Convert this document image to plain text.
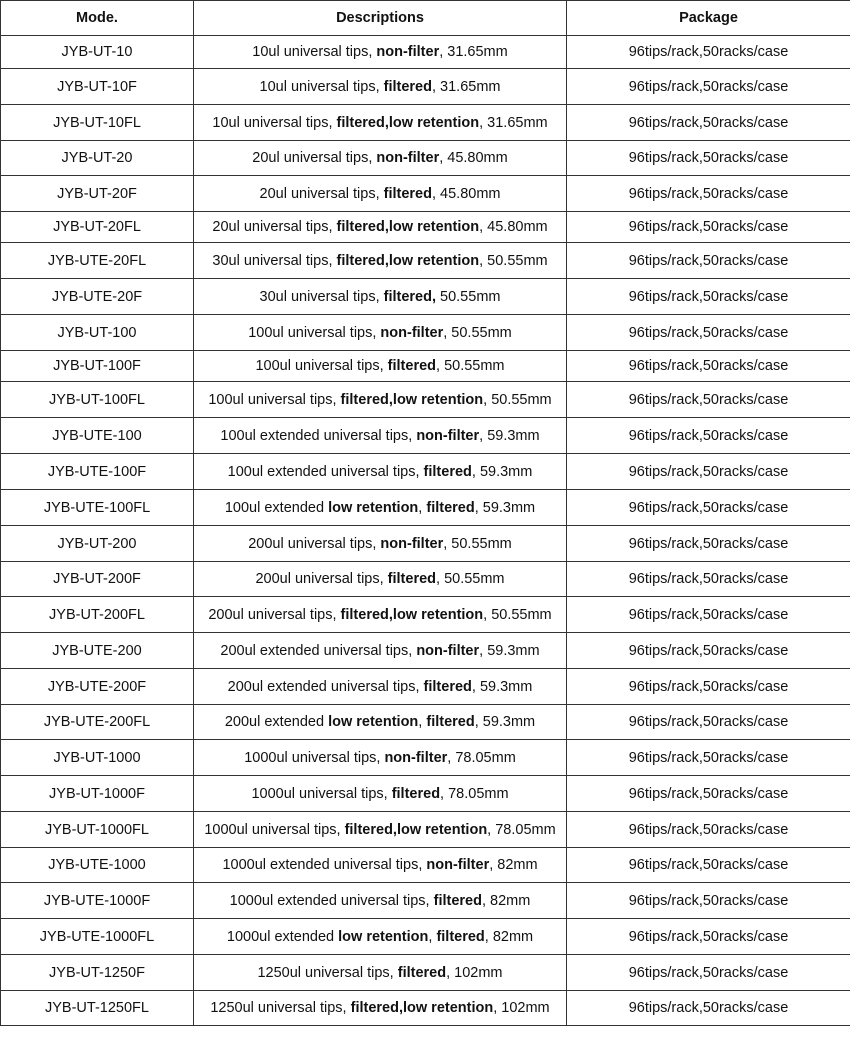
Mode.	Descriptions	Package
JYB-UT-10	10ul universal tips, non-filter, 31.65mm	96tips/rack,50racks/case
JYB-UT-10F	10ul universal tips, filtered, 31.65mm	96tips/rack,50racks/case
JYB-UT-10FL	10ul universal tips, filtered,low retention, 31.65mm	96tips/rack,50racks/case
JYB-UT-20	20ul universal tips, non-filter, 45.80mm	96tips/rack,50racks/case
JYB-UT-20F	20ul universal tips, filtered, 45.80mm	96tips/rack,50racks/case
JYB-UT-20FL	20ul universal tips, filtered,low retention, 45.80mm	96tips/rack,50racks/case
JYB-UTE-20FL	30ul universal tips, filtered,low retention, 50.55mm	96tips/rack,50racks/case
JYB-UTE-20F	30ul universal tips, filtered, 50.55mm	96tips/rack,50racks/case
JYB-UT-100	100ul universal tips, non-filter, 50.55mm	96tips/rack,50racks/case
JYB-UT-100F	100ul universal tips, filtered, 50.55mm	96tips/rack,50racks/case
JYB-UT-100FL	100ul universal tips, filtered,low retention, 50.55mm	96tips/rack,50racks/case
JYB-UTE-100	100ul extended universal tips, non-filter, 59.3mm	96tips/rack,50racks/case
JYB-UTE-100F	100ul extended universal tips, filtered, 59.3mm	96tips/rack,50racks/case
JYB-UTE-100FL	100ul extended low retention, filtered, 59.3mm	96tips/rack,50racks/case
JYB-UT-200	200ul universal tips, non-filter, 50.55mm	96tips/rack,50racks/case
JYB-UT-200F	200ul universal tips, filtered, 50.55mm	96tips/rack,50racks/case
JYB-UT-200FL	200ul universal tips, filtered,low retention, 50.55mm	96tips/rack,50racks/case
JYB-UTE-200	200ul extended universal tips, non-filter, 59.3mm	96tips/rack,50racks/case
JYB-UTE-200F	200ul extended universal tips, filtered, 59.3mm	96tips/rack,50racks/case
JYB-UTE-200FL	200ul extended low retention, filtered, 59.3mm	96tips/rack,50racks/case
JYB-UT-1000	1000ul universal tips, non-filter, 78.05mm	96tips/rack,50racks/case
JYB-UT-1000F	1000ul universal tips, filtered, 78.05mm	96tips/rack,50racks/case
JYB-UT-1000FL	1000ul universal tips, filtered,low retention, 78.05mm	96tips/rack,50racks/case
JYB-UTE-1000	1000ul extended universal tips, non-filter, 82mm	96tips/rack,50racks/case
JYB-UTE-1000F	1000ul extended universal tips, filtered, 82mm	96tips/rack,50racks/case
JYB-UTE-1000FL	1000ul extended low retention, filtered, 82mm	96tips/rack,50racks/case
JYB-UT-1250F	1250ul universal tips, filtered, 102mm	96tips/rack,50racks/case
JYB-UT-1250FL	1250ul universal tips, filtered,low retention, 102mm	96tips/rack,50racks/case
